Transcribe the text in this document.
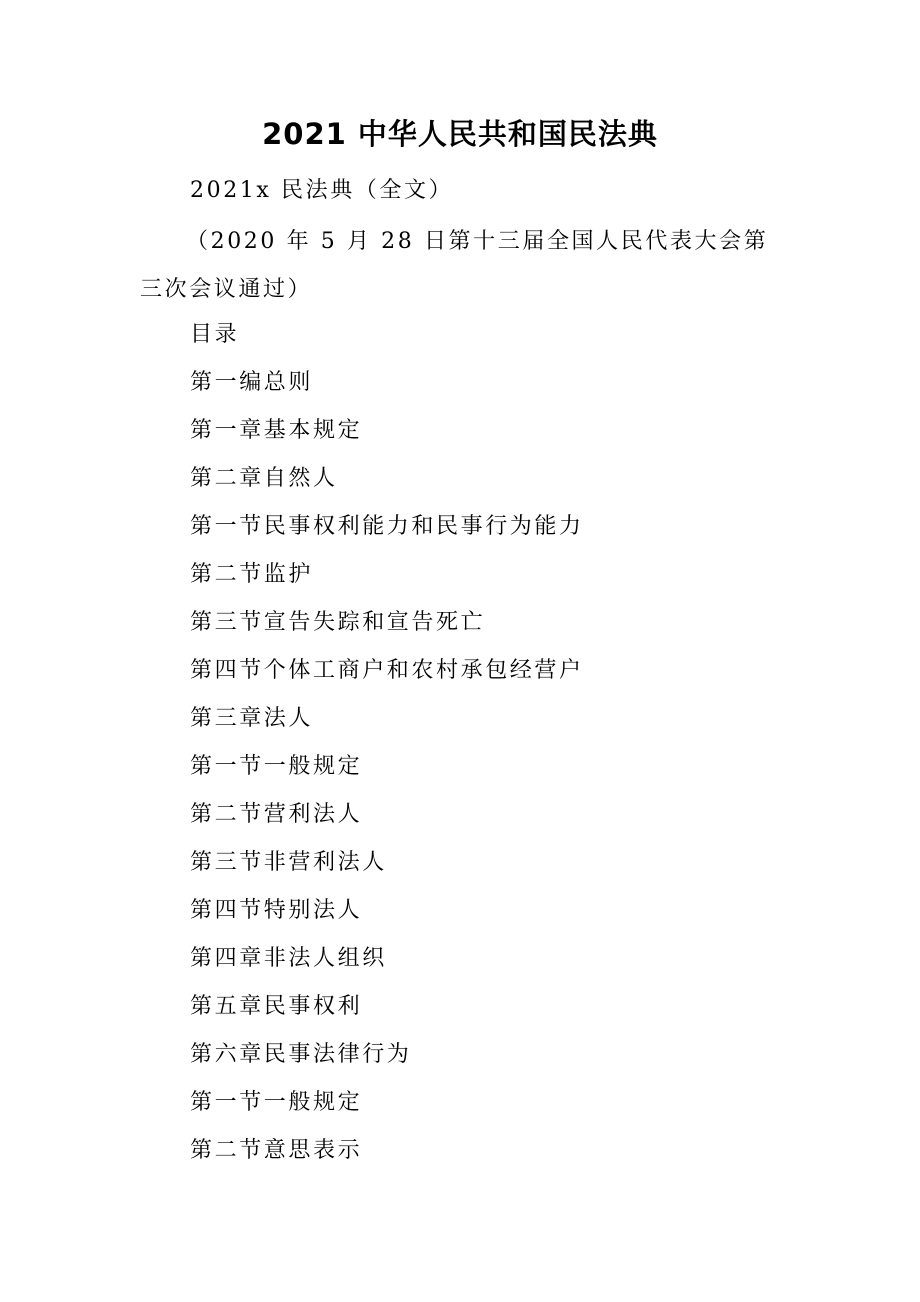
2021 中华人民共和国民法典
2021x 民法典（全文）

（2020 年 5 月 28 日第十三届全国人民代表大会第三次会议通过）

目录
第一编总则
第一章基本规定
第二章自然人
第一节民事权利能力和民事行为能力
第二节监护
第三节宣告失踪和宣告死亡
第四节个体工商户和农村承包经营户
第三章法人
第一节一般规定
第二节营利法人
第三节非营利法人
第四节特别法人
第四章非法人组织
第五章民事权利
第六章民事法律行为
第一节一般规定
第二节意思表示
